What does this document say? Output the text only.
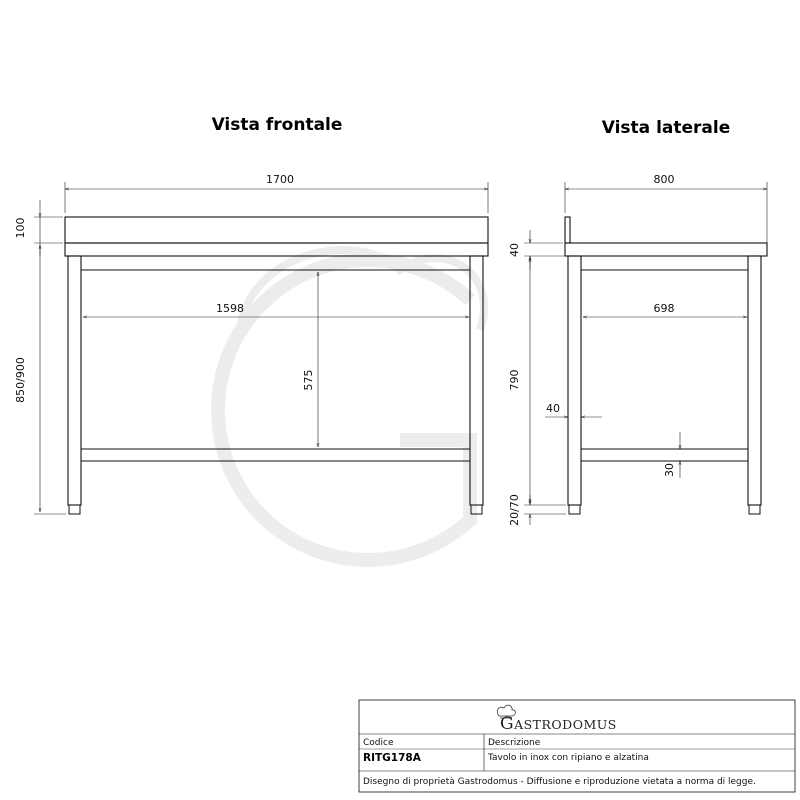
Vista frontale	Vista laterale
1700
1598
575
100
850/900
800
698
40
790
20/70
40
30
GASTRODOMUS
Codice
RITG178A
Descrizione
Tavolo in inox con ripiano e alzatina
Disegno di proprietà Gastrodomus - Diffusione e riproduzione vietata a norma di legge.
